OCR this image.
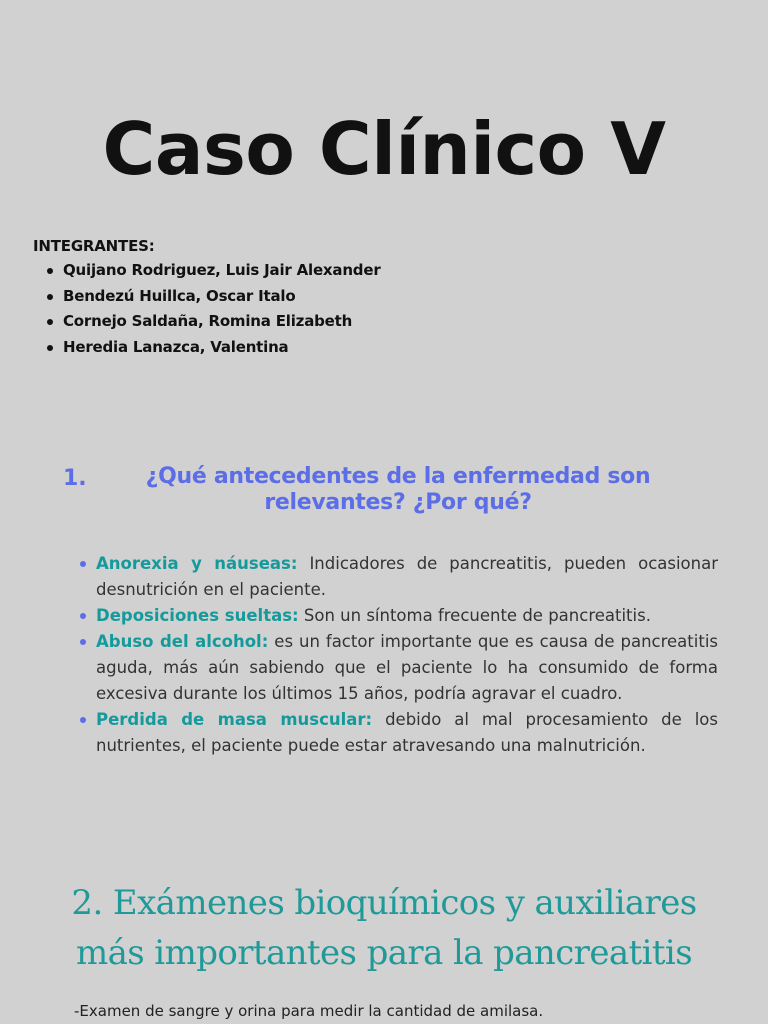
Caso Clínico V
INTEGRANTES:
Quijano Rodriguez, Luis Jair Alexander
Bendezú Huillca, Oscar Italo
Cornejo Saldaña, Romina Elizabeth
Heredia Lanazca, Valentina
1.	¿Qué antecedentes de la enfermedad son
relevantes? ¿Por qué?
Anorexia y náuseas: Indicadores de pancreatitis, pueden ocasionar desnutrición en el paciente.
Deposiciones sueltas: Son un síntoma frecuente de pancreatitis.
Abuso del alcohol: es un factor importante que es causa de pancreatitis aguda, más aún sabiendo que el paciente lo ha consumido de forma excesiva durante los últimos 15 años, podría agravar el cuadro.
Perdida de masa muscular: debido al mal procesamiento de los nutrientes, el paciente puede estar atravesando una malnutrición.
2. Exámenes bioquímicos y auxiliares
más importantes para la pancreatitis
-Examen de sangre y orina para medir la cantidad de amilasa.
